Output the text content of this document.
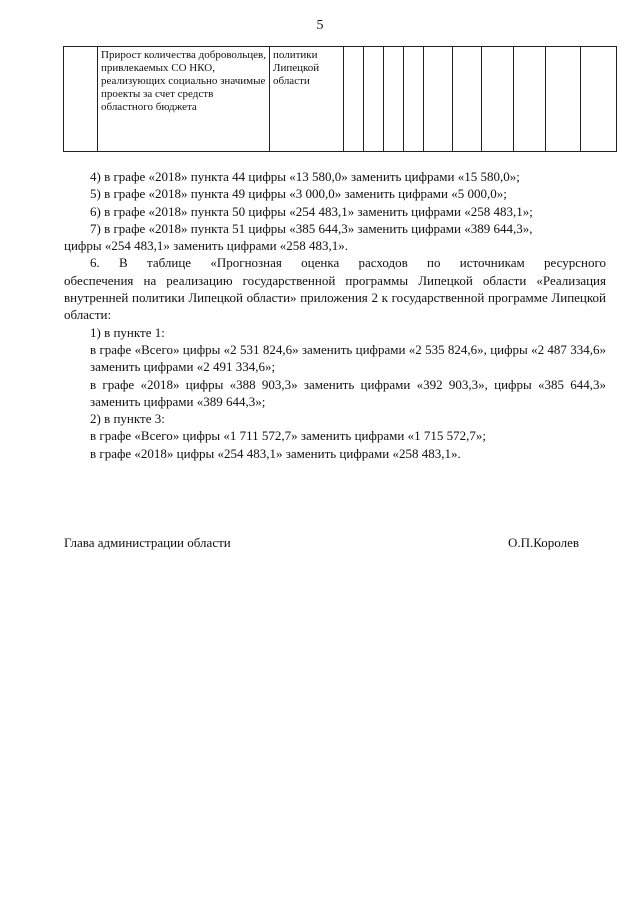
5
	Прирост количества добровольцев, привлекаемых СО НКО, реализующих социально значимые проекты за счет средств областного бюджета	политики Липецкой области										

4) в графе «2018» пункта 44 цифры «13 580,0» заменить цифрами «15 580,0»;

5) в графе «2018» пункта 49 цифры «3 000,0» заменить цифрами «5 000,0»;

6) в графе «2018» пункта 50 цифры «254 483,1» заменить цифрами «258 483,1»;

7) в графе «2018» пункта 51 цифры «385 644,3» заменить цифрами «389 644,3»,

цифры «254 483,1» заменить цифрами «258 483,1».

6. В таблице «Прогнозная оценка расходов по источникам ресурсного

обеспечения на реализацию государственной программы Липецкой области «Реализация внутренней политики Липецкой области» приложения 2 к государственной программе Липецкой области:

1) в пункте 1:

в графе «Всего» цифры «2 531 824,6» заменить цифрами «2 535 824,6», цифры «2 487 334,6» заменить цифрами «2 491 334,6»;

в графе «2018» цифры «388 903,3» заменить цифрами «392 903,3», цифры «385 644,3» заменить цифрами «389 644,3»;

2) в пункте 3:

в графе «Всего» цифры «1 711 572,7» заменить цифрами «1 715 572,7»;

в графе «2018» цифры «254 483,1» заменить цифрами «258 483,1».

Глава администрации области	О.П.Королев
